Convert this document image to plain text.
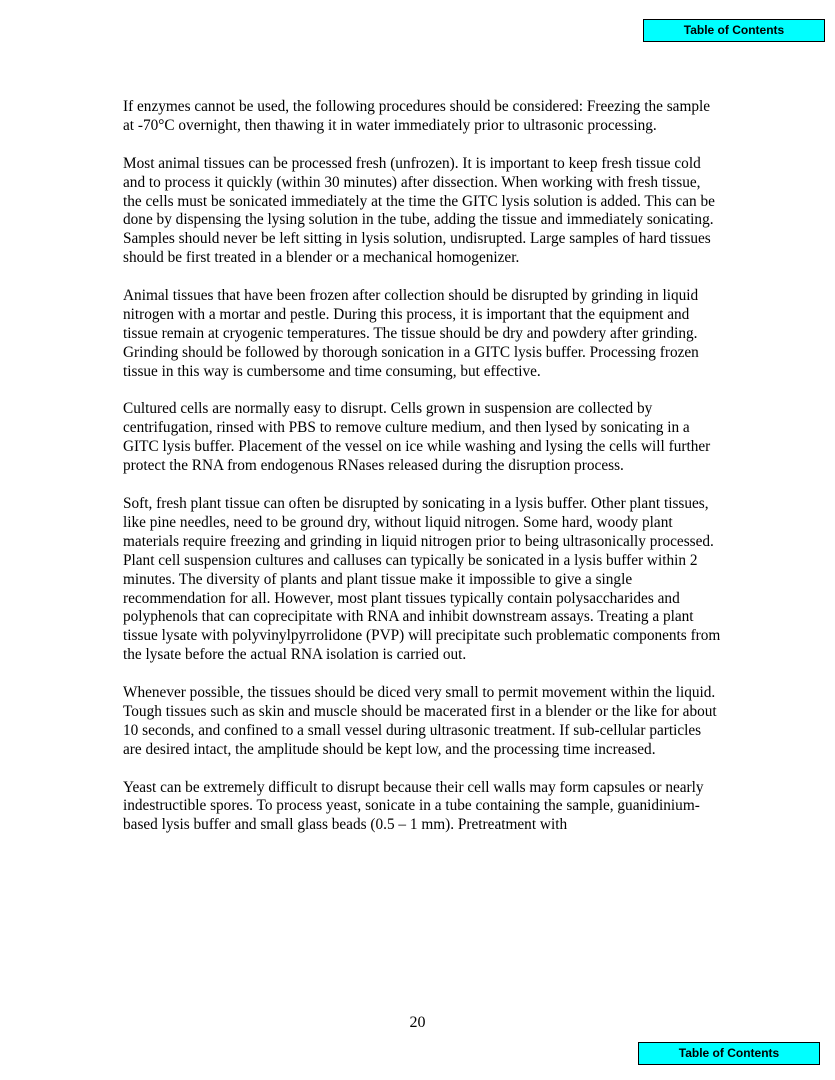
Table of Contents

If enzymes cannot be used, the following procedures should be considered: Freezing the sample at -70°C overnight, then thawing it in water immediately prior to ultrasonic processing.

Most animal tissues can be processed fresh (unfrozen). It is important to keep fresh tissue cold and to process it quickly (within 30 minutes) after dissection. When working with fresh tissue, the cells must be sonicated immediately at the time the GITC lysis solution is added. This can be done by dispensing the lysing solution in the tube, adding the tissue and immediately sonicating. Samples should never be left sitting in lysis solution, undisrupted. Large samples of hard tissues should be first treated in a blender or a mechanical homogenizer.

Animal tissues that have been frozen after collection should be disrupted by grinding in liquid nitrogen with a mortar and pestle. During this process, it is important that the equipment and tissue remain at cryogenic temperatures. The tissue should be dry and powdery after grinding. Grinding should be followed by thorough sonication in a GITC lysis buffer. Processing frozen tissue in this way is cumbersome and time consuming, but effective.

Cultured cells are normally easy to disrupt. Cells grown in suspension are collected by centrifugation, rinsed with PBS to remove culture medium, and then lysed by sonicating in a GITC lysis buffer. Placement of the vessel on ice while washing and lysing the cells will further protect the RNA from endogenous RNases released during the disruption process.

Soft, fresh plant tissue can often be disrupted by sonicating in a lysis buffer. Other plant tissues, like pine needles, need to be ground dry, without liquid nitrogen. Some hard, woody plant materials require freezing and grinding in liquid nitrogen prior to being ultrasonically processed. Plant cell suspension cultures and calluses can typically be sonicated in a lysis buffer within 2 minutes. The diversity of plants and plant tissue make it impossible to give a single recommendation for all. However, most plant tissues typically contain polysaccharides and polyphenols that can coprecipitate with RNA and inhibit downstream assays. Treating a plant tissue lysate with polyvinylpyrrolidone (PVP) will precipitate such problematic components from the lysate before the actual RNA isolation is carried out.

Whenever possible, the tissues should be diced very small to permit movement within the liquid. Tough tissues such as skin and muscle should be macerated first in a blender or the like for about 10 seconds, and confined to a small vessel during ultrasonic treatment. If sub-cellular particles are desired intact, the amplitude should be kept low, and the processing time increased.

Yeast can be extremely difficult to disrupt because their cell walls may form capsules or nearly indestructible spores. To process yeast, sonicate in a tube containing the sample, guanidinium-based lysis buffer and small glass beads (0.5 – 1 mm). Pretreatment with

20
Table of Contents
